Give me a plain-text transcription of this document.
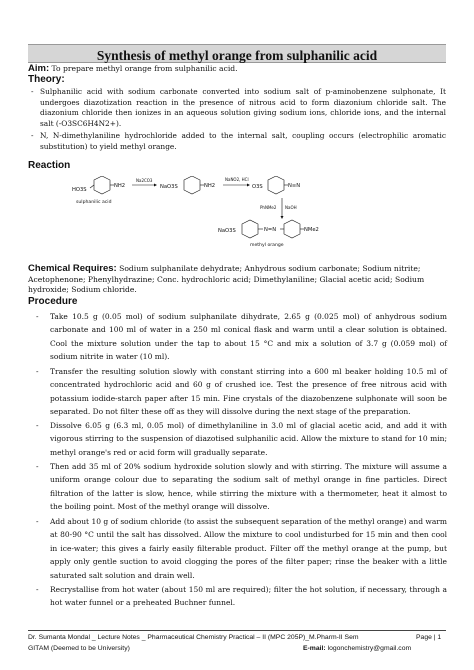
Synthesis of methyl orange from sulphanilic acid
Aim: To prepare methyl orange from sulphanilic acid.
Theory:
- Sulphanilic acid with sodium carbonate converted into sodium salt of p-aminobenzene sulphonate, It undergoes diazotization reaction in the presence of nitrous acid to form diazonium chloride salt. The diazonium chloride then ionizes in an aqueous solution giving sodium ions, chloride ions, and the internal salt (-O3SC6H4N2+).
- N, N-dimethylaniline hydrochloride added to the internal salt, coupling occurs (electrophilic aromatic substitution) to yield methyl orange.
Reaction
HO3S
NH2
sulphanilic acid
Na2CO3
NaO3S	NH2
NaNO2, HCl
O3S	N≡N
PhNMe2 NaOH
NaO3S	N=N	NMe2
methyl orange
Chemical Requires: Sodium sulphanilate dehydrate; Anhydrous sodium carbonate; Sodium nitrite; Acetophenone; Phenylhydrazine; Conc. hydrochloric acid; Dimethylaniline; Glacial acetic acid; Sodium hydroxide; Sodium chloride.
Procedure
- Take 10.5 g (0.05 mol) of sodium sulphanilate dihydrate, 2.65 g (0.025 mol) of anhydrous sodium carbonate and 100 ml of water in a 250 ml conical flask and warm until a clear solution is obtained. Cool the mixture solution under the tap to about 15 °C and mix a solution of 3.7 g (0.059 mol) of sodium nitrite in water (10 ml).
- Transfer the resulting solution slowly with constant stirring into a 600 ml beaker holding 10.5 ml of concentrated hydrochloric acid and 60 g of crushed ice. Test the presence of free nitrous acid with potassium iodide-starch paper after 15 min. Fine crystals of the diazobenzene sulphonate will soon be separated. Do not filter these off as they will dissolve during the next stage of the preparation.
- Dissolve 6.05 g (6.3 ml, 0.05 mol) of dimethylaniline in 3.0 ml of glacial acetic acid, and add it with vigorous stirring to the suspension of diazotised sulphanilic acid. Allow the mixture to stand for 10 min; methyl orange's red or acid form will gradually separate.
- Then add 35 ml of 20% sodium hydroxide solution slowly and with stirring. The mixture will assume a uniform orange colour due to separating the sodium salt of methyl orange in fine particles. Direct filtration of the latter is slow, hence, while stirring the mixture with a thermometer, heat it almost to the boiling point. Most of the methyl orange will dissolve.
- Add about 10 g of sodium chloride (to assist the subsequent separation of the methyl orange) and warm at 80-90 °C until the salt has dissolved. Allow the mixture to cool undisturbed for 15 min and then cool in ice-water; this gives a fairly easily filterable product. Filter off the methyl orange at the pump, but apply only gentle suction to avoid clogging the pores of the filter paper; rinse the beaker with a little saturated salt solution and drain well.
- Recrystallise from hot water (about 150 ml are required); filter the hot solution, if necessary, through a hot water funnel or a preheated Buchner funnel.
Dr. Sumanta Mondal _ Lecture Notes _ Pharmaceutical Chemistry Practical – II (MPC 205P)_M.Pharm-II Sem	Page | 1
GITAM (Deemed to be University)	E-mail: logonchemistry@gmail.com
